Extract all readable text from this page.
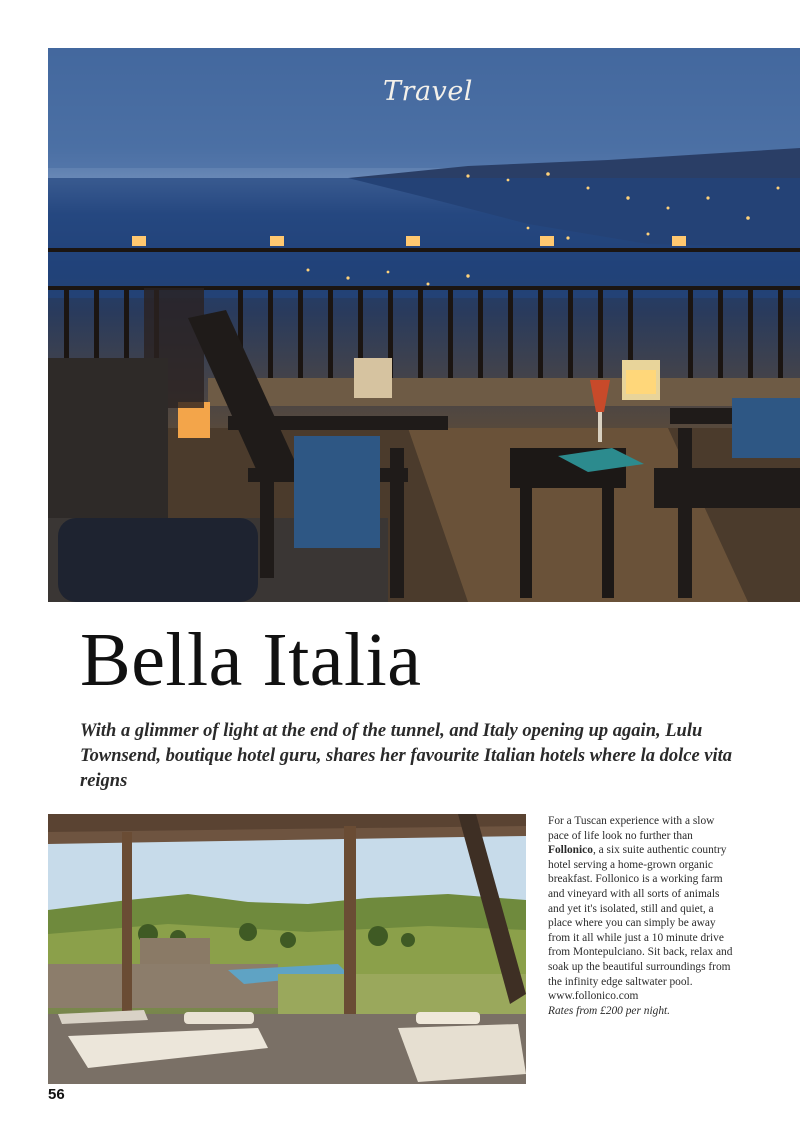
Travel
Bella Italia
With a glimmer of light at the end of the tunnel, and Italy opening up again, Lulu Townsend, boutique hotel guru, shares her favourite Italian hotels where la dolce vita reigns

For a Tuscan experience with a slow pace of life look no further than Follonico, a six suite authentic country hotel serving a home-grown organic breakfast. Follonico is a working farm and vineyard with all sorts of animals and yet it's isolated, still and quiet, a place where you can simply be away from it all while just a 10 minute drive from Montepulciano. Sit back, relax and soak up the beautiful surroundings from the infinity edge saltwater pool.

www.follonico.com

Rates from £200 per night.

56
